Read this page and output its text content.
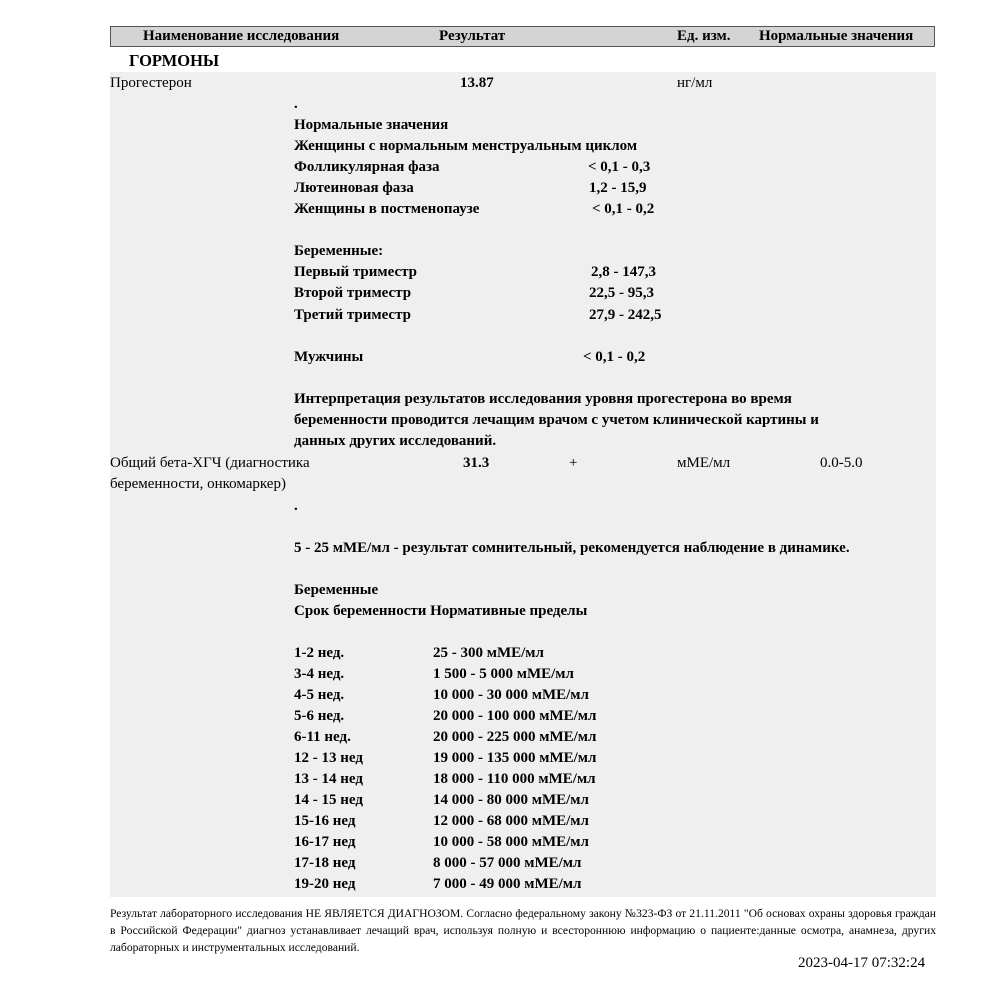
Наименование исследования	Результат	Ед. изм. Нормальные значения
ГОРМОНЫ
Прогестерон	13.87	нг/мл
.
Нормальные значения
Женщины с нормальным менструальным циклом
Фолликулярная фаза	< 0,1 - 0,3
Лютеиновая фаза	1,2 - 15,9
Женщины в постменопаузе	< 0,1 - 0,2
Беременные:
Первый триместр	2,8 - 147,3
Второй триместр	22,5 - 95,3
Третий триместр	27,9 - 242,5
Мужчины	< 0,1 - 0,2
Интерпретация результатов исследования уровня прогестерона во время
беременности проводится лечащим врачом с учетом клинической картины и
данных других исследований.
Общий бета-ХГЧ (диагностика
беременности, онкомаркер)
31.3	+	мМЕ/мл	0.0-5.0
.
5 - 25 мМЕ/мл - результат сомнительный, рекомендуется наблюдение в динамике.
Беременные
Срок беременности Нормативные пределы
1-2 нед.	25 - 300 мМЕ/мл
3-4 нед.	1 500 - 5 000 мМЕ/мл
4-5 нед.	10 000 - 30 000 мМЕ/мл
5-6 нед.	20 000 - 100 000 мМЕ/мл
6-11 нед.	20 000 - 225 000 мМЕ/мл
12 - 13 нед	19 000 - 135 000 мМЕ/мл
13 - 14 нед	18 000 - 110 000 мМЕ/мл
14 - 15 нед	14 000 - 80 000 мМЕ/мл
15-16 нед	12 000 - 68 000 мМЕ/мл
16-17 нед	10 000 - 58 000 мМЕ/мл
17-18 нед	8 000 - 57 000 мМЕ/мл
19-20 нед	7 000 - 49 000 мМЕ/мл
Результат лабораторного исследования НЕ ЯВЛЯЕТСЯ ДИАГНОЗОМ. Согласно федеральному закону №323-ФЗ от 21.11.2011 "Об основах охраны здоровья граждан в Российской Федерации" диагноз устанавливает лечащий врач, используя полную и всестороннюю информацию о пациенте:данные осмотра, анамнеза, других лабораторных и инструментальных исследований.
2023-04-17 07:32:24
